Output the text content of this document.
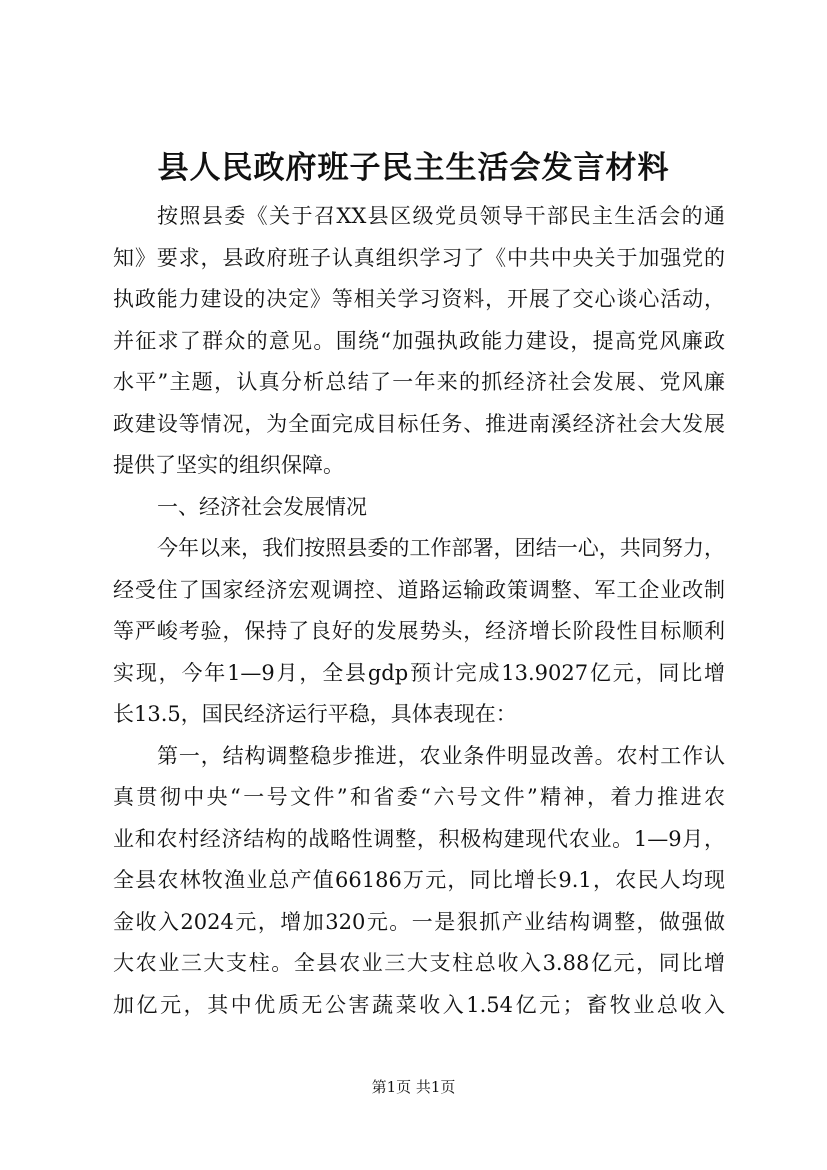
县人民政府班子民主生活会发言材料
按照县委《关于召XX县区级党员领导干部民主生活会的通
知》要求，县政府班子认真组织学习了《中共中央关于加强党的
执政能力建设的决定》等相关学习资料，开展了交心谈心活动，
并征求了群众的意见。围绕“加强执政能力建设，提高党风廉政
水平”主题，认真分析总结了一年来的抓经济社会发展、党风廉
政建设等情况，为全面完成目标任务、推进南溪经济社会大发展
提供了坚实的组织保障。
一、经济社会发展情况
今年以来，我们按照县委的工作部署，团结一心，共同努力，
经受住了国家经济宏观调控、道路运输政策调整、军工企业改制
等严峻考验，保持了良好的发展势头，经济增长阶段性目标顺利
实现，今年1—9月，全县gdp预计完成13.9027亿元，同比增
长13.5，国民经济运行平稳，具体表现在：
第一，结构调整稳步推进，农业条件明显改善。农村工作认
真贯彻中央“一号文件”和省委“六号文件”精神，着力推进农
业和农村经济结构的战略性调整，积极构建现代农业。1—9月，
全县农林牧渔业总产值66186万元，同比增长9.1，农民人均现
金收入2024元，增加320元。一是狠抓产业结构调整，做强做
大农业三大支柱。全县农业三大支柱总收入3.88亿元，同比增
加亿元，其中优质无公害蔬菜收入1.54亿元；畜牧业总收入
第1页 共1页
